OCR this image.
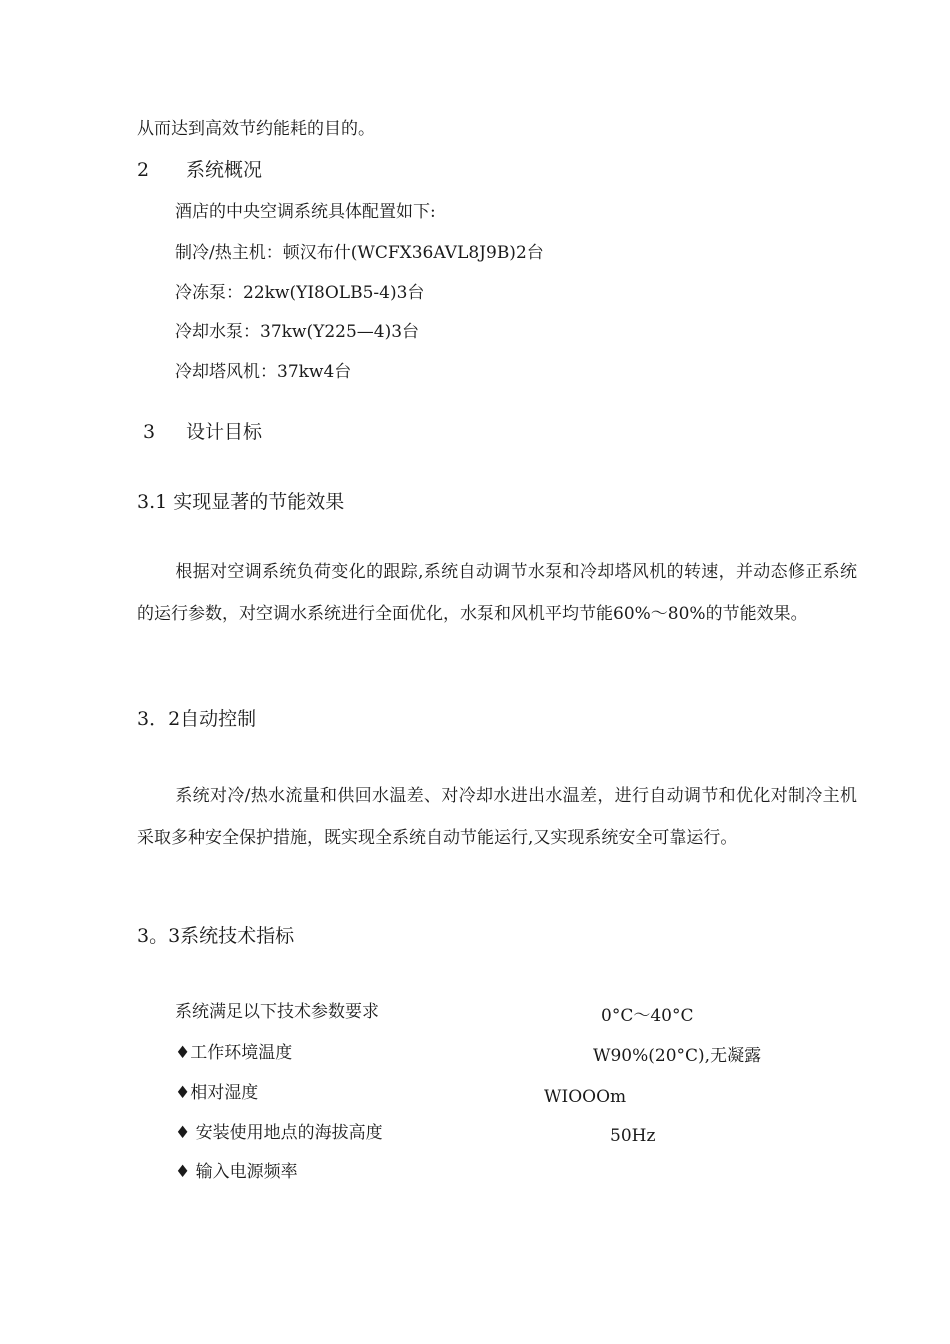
从而达到高效节约能耗的目的。
2 系统概况
酒店的中央空调系统具体配置如下:
制冷/热主机：顿汉布什(WCFX36AVL8J9B)2台
冷冻泵：22kw(YI8OLB5-4)3台
冷却水泵：37kw(Y225—4)3台
冷却塔风机：37kw4台
3 设计目标
3.1 实现显著的节能效果
根据对空调系统负荷变化的跟踪,系统自动调节水泵和冷却塔风机的转速，并动态修正系统的运行参数，对空调水系统进行全面优化，水泵和风机平均节能60%〜80%的节能效果。
3．2自动控制
系统对冷/热水流量和供回水温差、对冷却水进出水温差，进行自动调节和优化对制冷主机采取多种安全保护措施，既实现全系统自动节能运行,又实现系统安全可靠运行。
3。3系统技术指标
系统满足以下技术参数要求
♦工作环境温度
♦相对湿度
♦ 安装使用地点的海拔高度
♦ 输入电源频率
0°C〜40°C
W90%(20°C),无凝露
WIOOOm
50Hz
